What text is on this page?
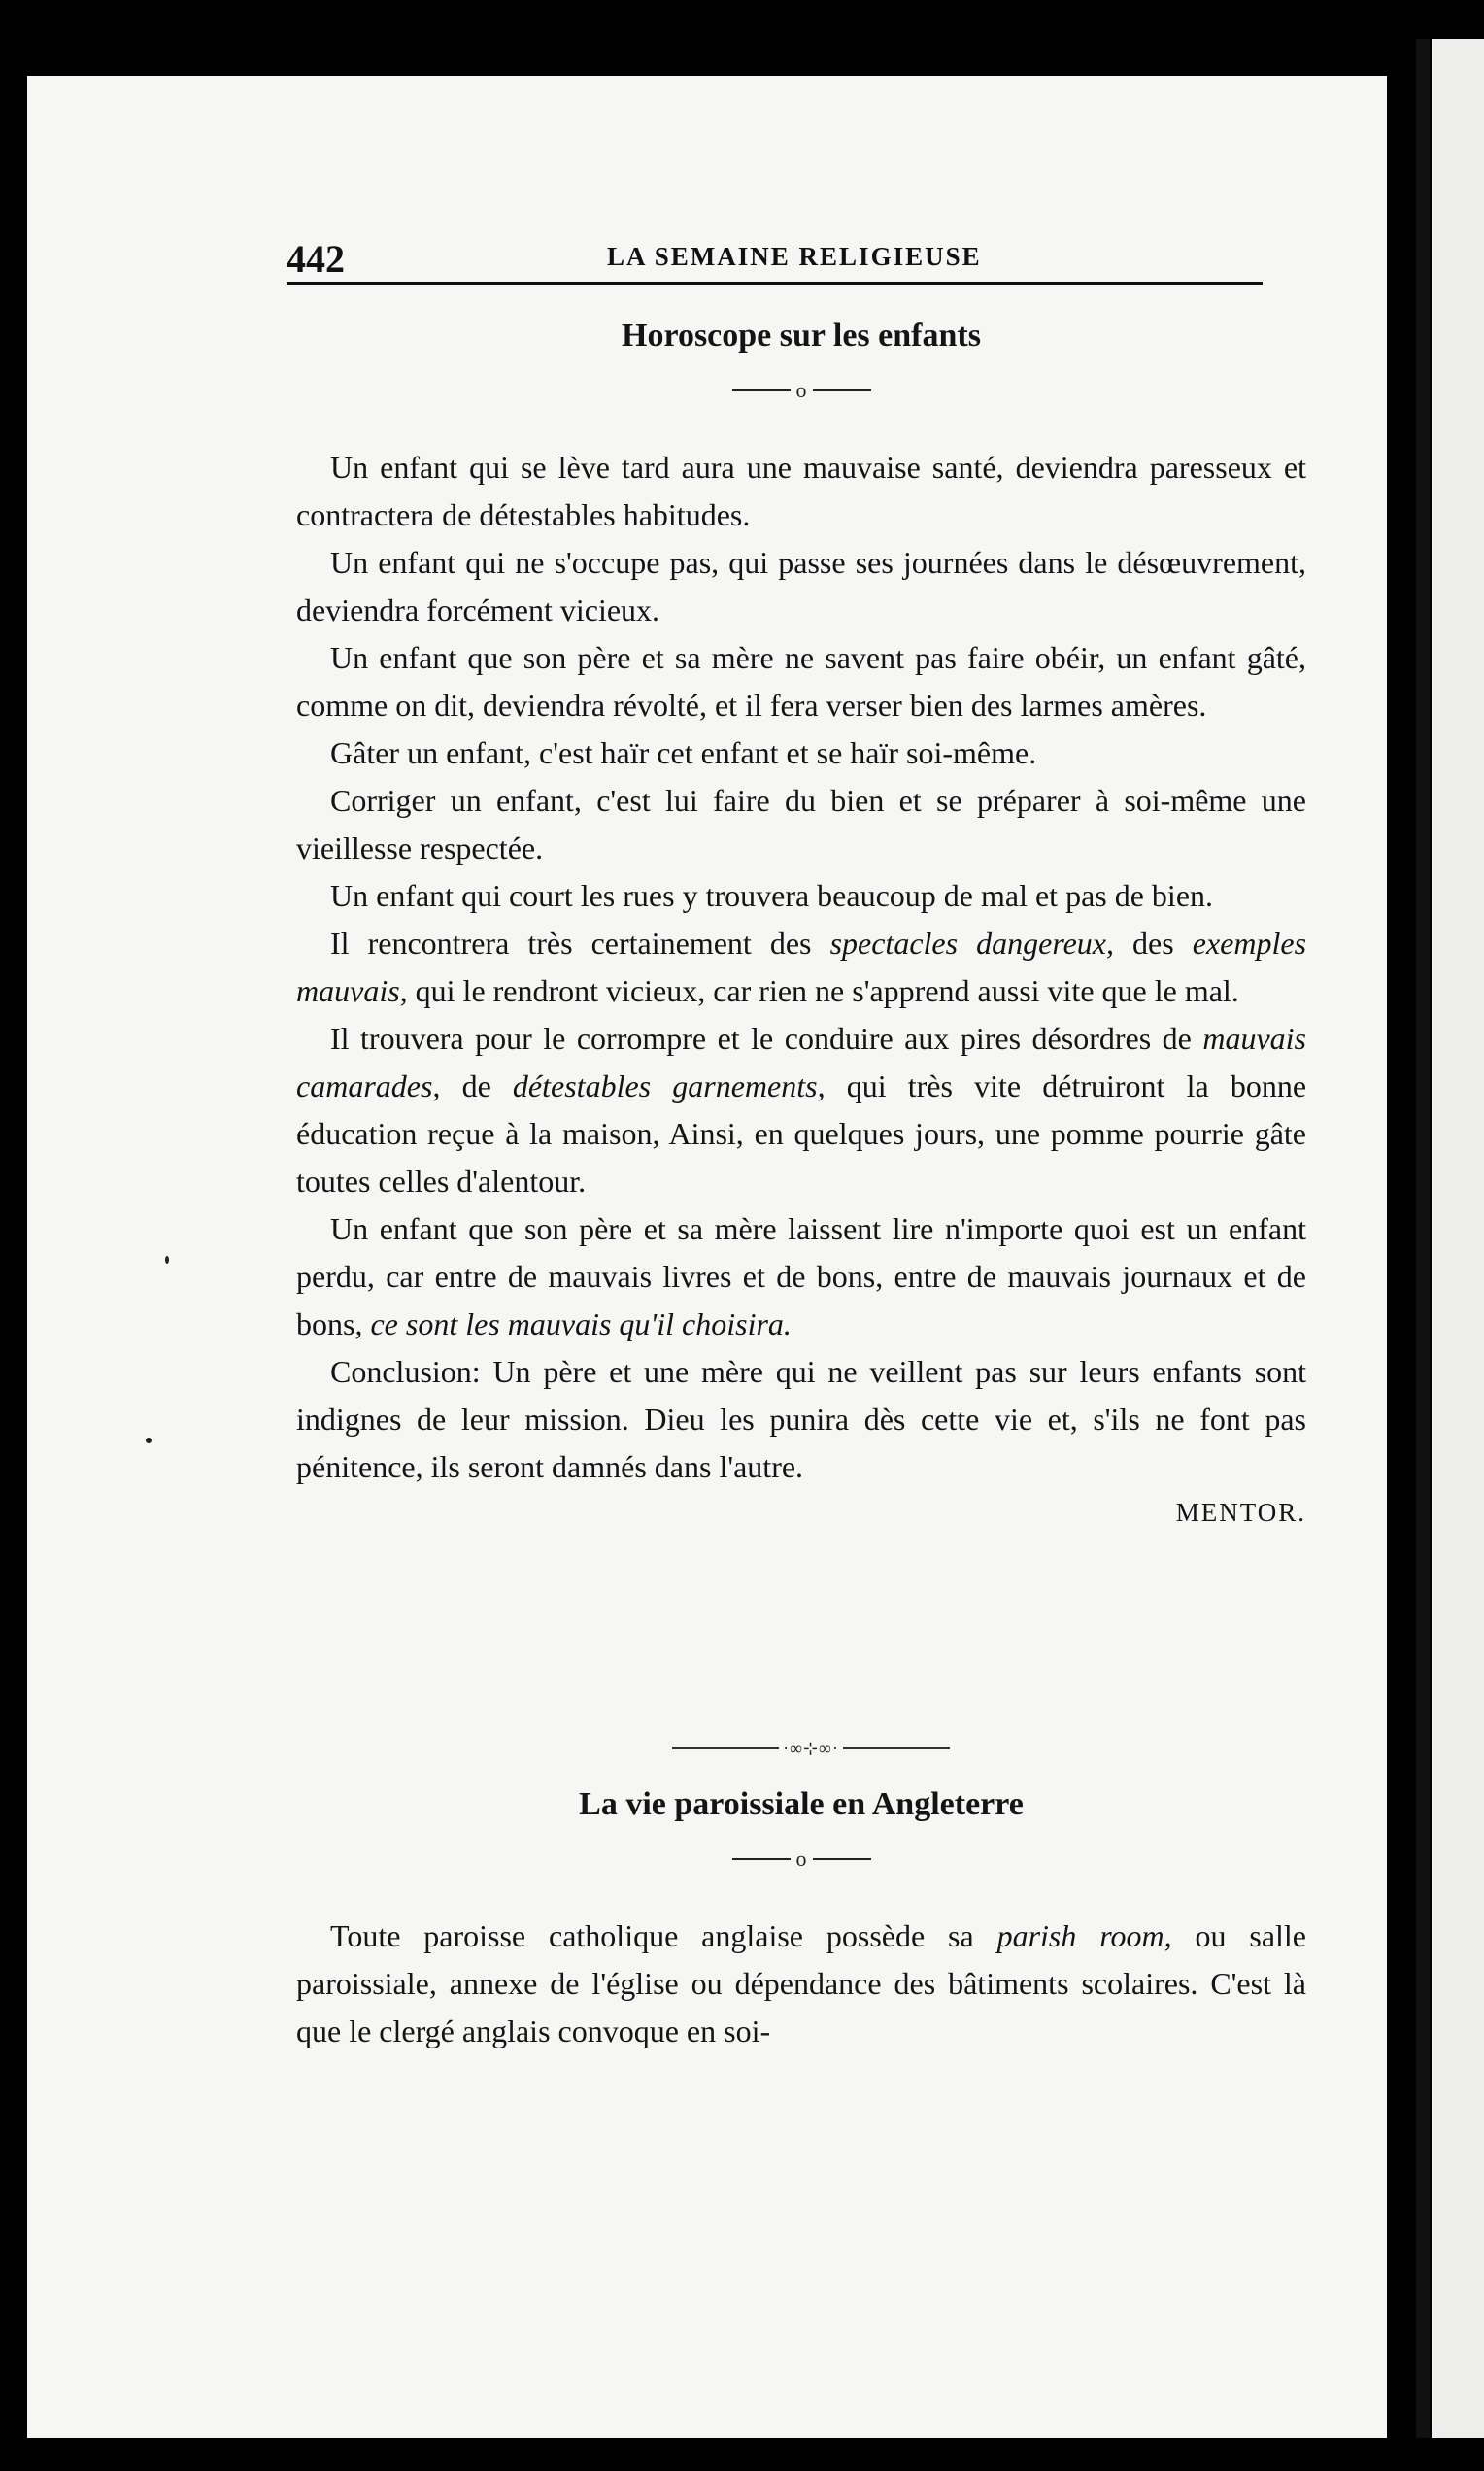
442	LA SEMAINE RELIGIEUSE
Horoscope sur les enfants
o

Un enfant qui se lève tard aura une mauvaise santé, deviendra paresseux et contractera de détestables habitudes.

Un enfant qui ne s'occupe pas, qui passe ses journées dans le désœuvrement, deviendra forcément vicieux.

Un enfant que son père et sa mère ne savent pas faire obéir, un enfant gâté, comme on dit, deviendra révolté, et il fera verser bien des larmes amères.

Gâter un enfant, c'est haïr cet enfant et se haïr soi-même.

Corriger un enfant, c'est lui faire du bien et se préparer à soi-même une vieillesse respectée.

Un enfant qui court les rues y trouvera beaucoup de mal et pas de bien.

Il rencontrera très certainement des spectacles dangereux, des exemples mauvais, qui le rendront vicieux, car rien ne s'apprend aussi vite que le mal.

Il trouvera pour le corrompre et le conduire aux pires désordres de mauvais camarades, de détestables garnements, qui très vite détruiront la bonne éducation reçue à la maison, Ainsi, en quelques jours, une pomme pourrie gâte toutes celles d'alentour.

Un enfant que son père et sa mère laissent lire n'importe quoi est un enfant perdu, car entre de mauvais livres et de bons, entre de mauvais journaux et de bons, ce sont les mauvais qu'il choisira.

Conclusion: Un père et une mère qui ne veillent pas sur leurs enfants sont indignes de leur mission. Dieu les punira dès cette vie et, s'ils ne font pas pénitence, ils seront damnés dans l'autre.

MENTOR.
·∞⊹∞·
La vie paroissiale en Angleterre
o

Toute paroisse catholique anglaise possède sa parish room, ou salle paroissiale, annexe de l'église ou dépendance des bâtiments scolaires. C'est là que le clergé anglais convoque en soi-
